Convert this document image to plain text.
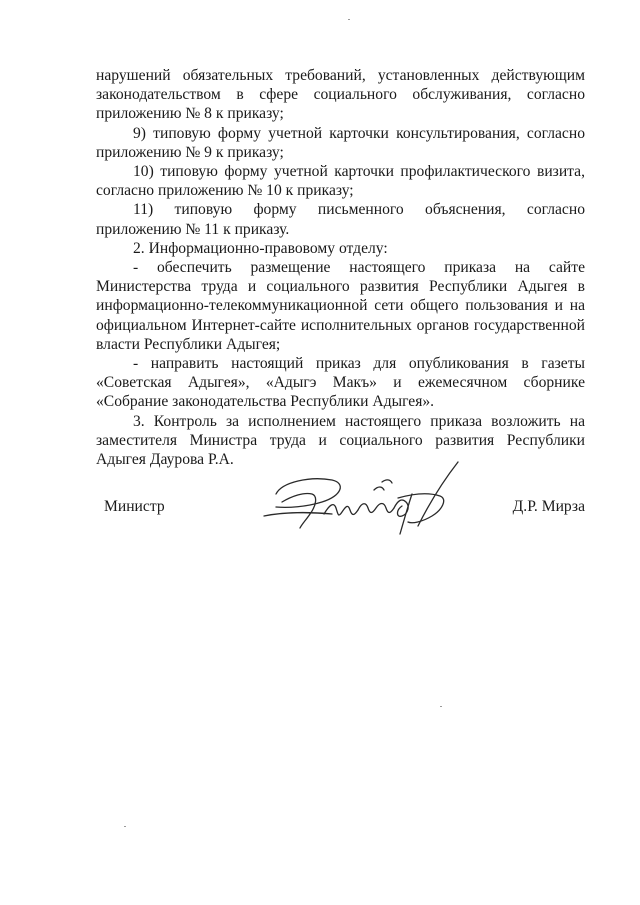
нарушений обязательных требований, установленных действующим законодательством в сфере социального обслуживания, согласно приложению № 8 к приказу;

9) типовую форму учетной карточки консультирования, согласно приложению № 9 к приказу;

10) типовую форму учетной карточки профилактического визита, согласно приложению № 10 к приказу;

11) типовую форму письменного объяснения, согласно приложению № 11 к приказу.

2. Информационно-правовому отделу:

- обеспечить размещение настоящего приказа на сайте Министерства труда и социального развития Республики Адыгея в информационно-телекоммуникационной сети общего пользования и на официальном Интернет-сайте исполнительных органов государственной власти Республики Адыгея;

- направить настоящий приказ для опубликования в газеты «Советская Адыгея», «Адыгэ Макъ» и ежемесячном сборнике «Собрание законодательства Республики Адыгея».

3. Контроль за исполнением настоящего приказа возложить на заместителя Министра труда и социального развития Республики Адыгея Даурова Р.А.

Министр	Д.Р. Мирза
